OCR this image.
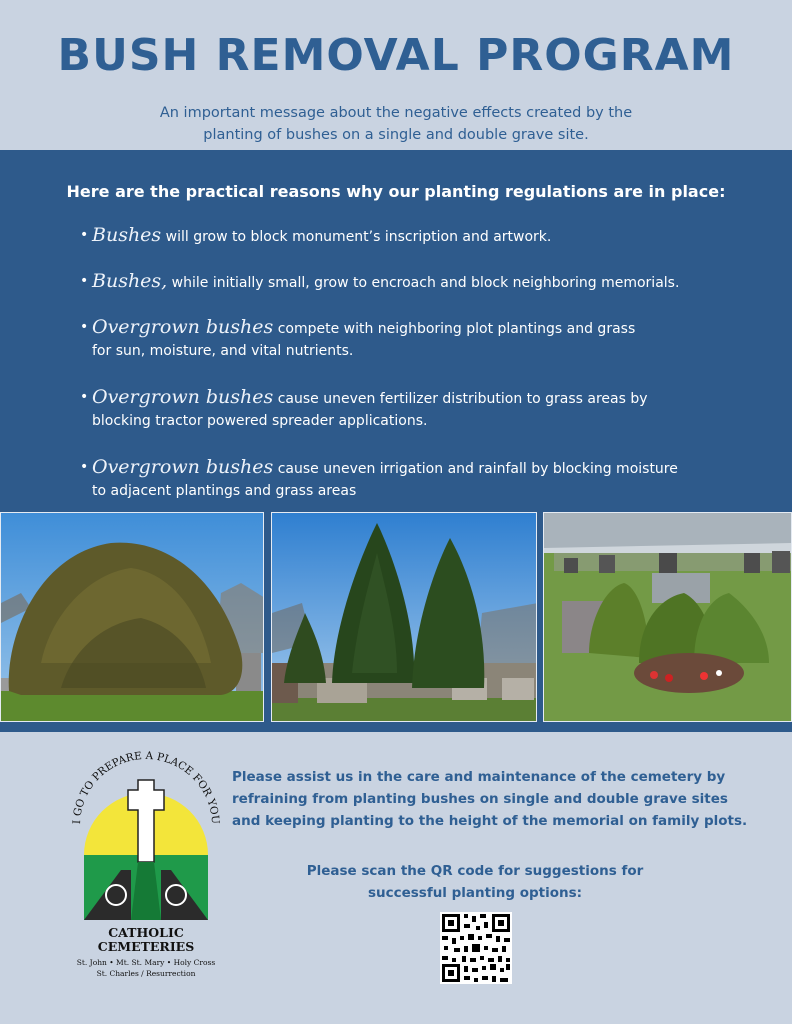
BUSH REMOVAL PROGRAM
An important message about the negative effects created by the
planting of bushes on a single and double grave site.
Here are the practical reasons why our planting regulations are in place:
• Bushes will grow to block monument’s inscription and artwork.
• Bushes, while initially small, grow to encroach and block neighboring memorials.
• Overgrown bushes compete with neighboring plot plantings and grass
for sun, moisture, and vital nutrients.
• Overgrown bushes cause uneven fertilizer distribution to grass areas by
blocking tractor powered spreader applications.
• Overgrown bushes cause uneven irrigation and rainfall by blocking moisture
to adjacent plantings and grass areas
I GO TO PREPARE A PLACE FOR YOU
CATHOLIC
CEMETERIES
St. John • Mt. St. Mary • Holy Cross
St. Charles / Resurrection
Please assist us in the care and maintenance of the cemetery by
refraining from planting bushes on single and double grave sites
and keeping planting to the height of the memorial on family plots.
Please scan the QR code for suggestions for
successful planting options:
